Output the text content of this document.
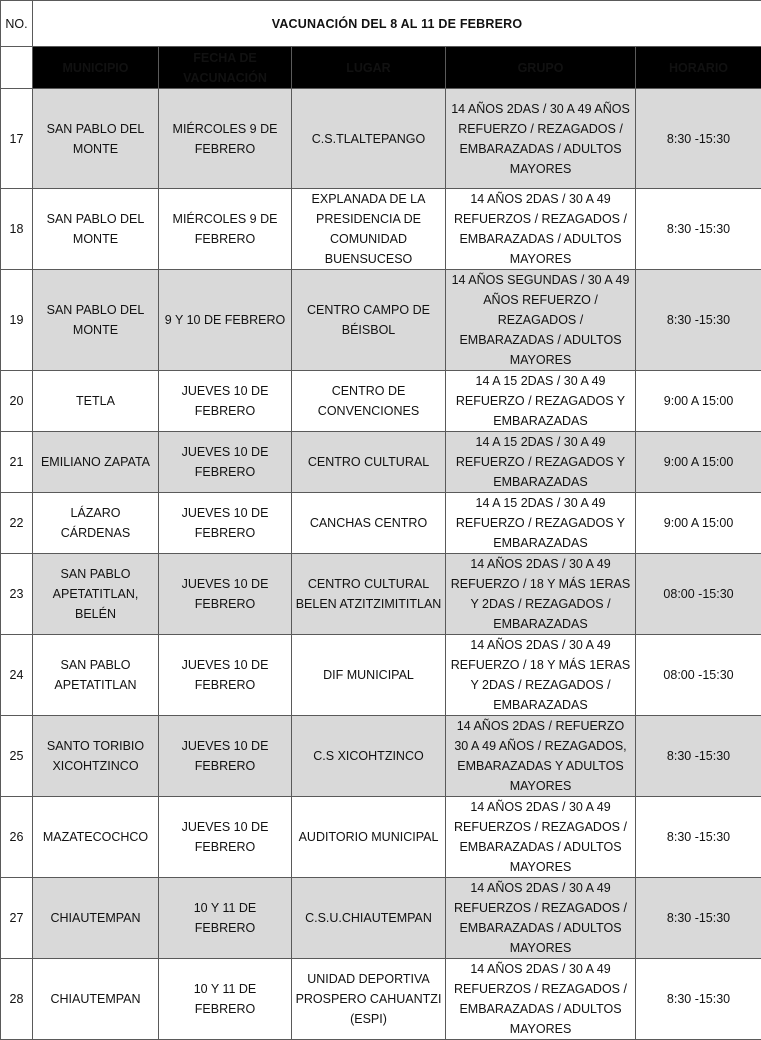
NO.	VACUNACIÓN DEL 8 AL 11 DE FEBRERO				
	MUNICIPIO	FECHA DE VACUNACIÓN	LUGAR	GRUPO	HORARIO
17	SAN PABLO DEL MONTE	MIÉRCOLES 9 DE FEBRERO	C.S.TLALTEPANGO	14 AÑOS 2DAS / 30 A 49 AÑOS REFUERZO / REZAGADOS / EMBARAZADAS / ADULTOS MAYORES	8:30 -15:30
18	SAN PABLO DEL MONTE	MIÉRCOLES 9 DE FEBRERO	EXPLANADA DE LA PRESIDENCIA DE COMUNIDAD BUENSUCESO	14 AÑOS 2DAS / 30 A 49 REFUERZOS / REZAGADOS / EMBARAZADAS / ADULTOS MAYORES	8:30 -15:30
19	SAN PABLO DEL MONTE	9 Y 10 DE FEBRERO	CENTRO CAMPO DE BÉISBOL	14 AÑOS SEGUNDAS / 30 A 49 AÑOS REFUERZO / REZAGADOS / EMBARAZADAS / ADULTOS MAYORES	8:30 -15:30
20	TETLA	JUEVES 10 DE FEBRERO	CENTRO DE CONVENCIONES	14 A 15 2DAS / 30 A 49 REFUERZO / REZAGADOS Y EMBARAZADAS	9:00 A 15:00
21	EMILIANO ZAPATA	JUEVES 10 DE FEBRERO	CENTRO CULTURAL	14 A 15 2DAS / 30 A 49 REFUERZO / REZAGADOS Y EMBARAZADAS	9:00 A 15:00
22	LÁZARO CÁRDENAS	JUEVES 10 DE FEBRERO	CANCHAS CENTRO	14 A 15 2DAS / 30 A 49 REFUERZO / REZAGADOS Y EMBARAZADAS	9:00 A 15:00
23	SAN PABLO APETATITLAN, BELÉN	JUEVES 10 DE FEBRERO	CENTRO CULTURAL BELEN ATZITZIMITITLAN	14 AÑOS 2DAS / 30 A 49 REFUERZO / 18 Y MÁS 1ERAS Y 2DAS / REZAGADOS / EMBARAZADAS	08:00 -15:30
24	SAN PABLO APETATITLAN	JUEVES 10 DE FEBRERO	DIF MUNICIPAL	14 AÑOS 2DAS / 30 A 49 REFUERZO / 18 Y MÁS 1ERAS Y 2DAS / REZAGADOS / EMBARAZADAS	08:00 -15:30
25	SANTO TORIBIO XICOHTZINCO	JUEVES 10 DE FEBRERO	C.S XICOHTZINCO	14 AÑOS 2DAS / REFUERZO 30 A 49 AÑOS / REZAGADOS, EMBARAZADAS Y ADULTOS MAYORES	8:30 -15:30
26	MAZATECOCHCO	JUEVES 10 DE FEBRERO	AUDITORIO MUNICIPAL	14 AÑOS 2DAS / 30 A 49 REFUERZOS / REZAGADOS / EMBARAZADAS / ADULTOS MAYORES	8:30 -15:30
27	CHIAUTEMPAN	10 Y 11 DE FEBRERO	C.S.U.CHIAUTEMPAN	14 AÑOS 2DAS / 30 A 49 REFUERZOS / REZAGADOS / EMBARAZADAS / ADULTOS MAYORES	8:30 -15:30
28	CHIAUTEMPAN	10 Y 11 DE FEBRERO	UNIDAD DEPORTIVA PROSPERO CAHUANTZI (ESPI)	14 AÑOS 2DAS / 30 A 49 REFUERZOS / REZAGADOS / EMBARAZADAS / ADULTOS MAYORES	8:30 -15:30
